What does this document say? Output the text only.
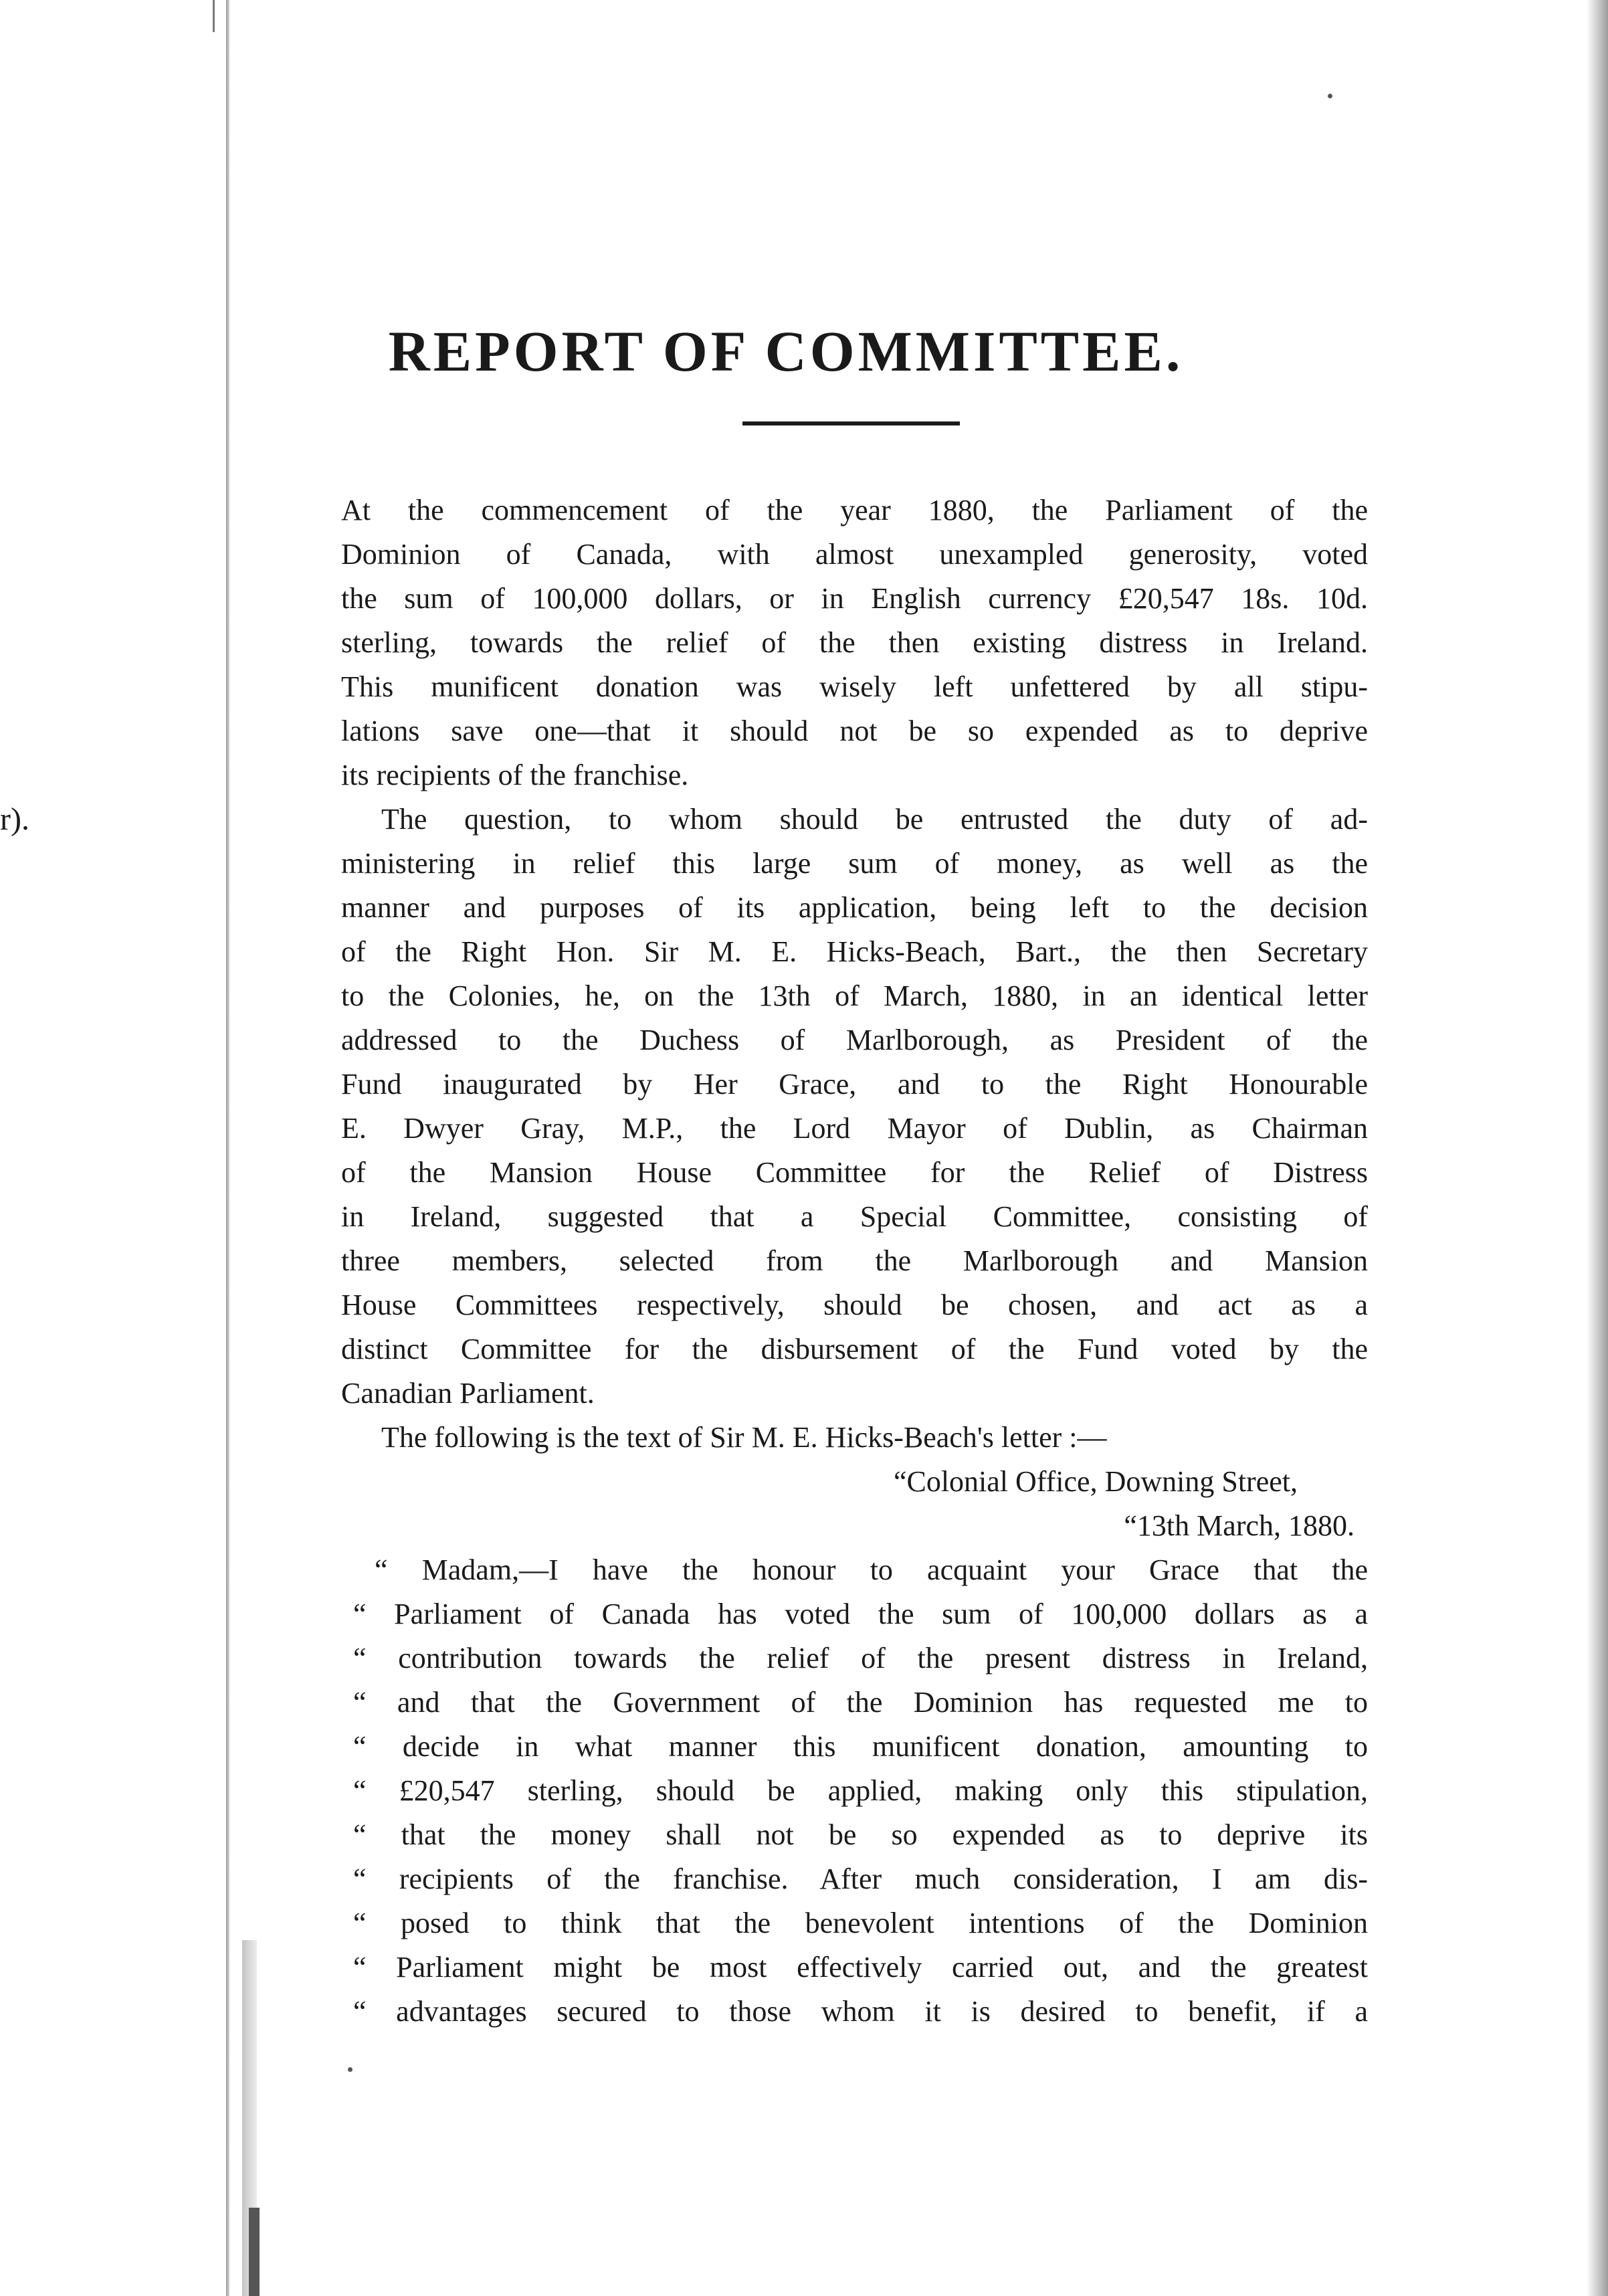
r).
REPORT OF COMMITTEE.
At the commencement of the year 1880, the Parliament of the
Dominion of Canada, with almost unexampled generosity, voted
the sum of 100,000 dollars, or in English currency £20,547 18s. 10d.
sterling, towards the relief of the then existing distress in Ireland.
This munificent donation was wisely left unfettered by all stipu-
lations save one—that it should not be so expended as to deprive
its recipients of the franchise.
The question, to whom should be entrusted the duty of ad-
ministering in relief this large sum of money, as well as the
manner and purposes of its application, being left to the decision
of the Right Hon. Sir M. E. Hicks-Beach, Bart., the then Secretary
to the Colonies, he, on the 13th of March, 1880, in an identical letter
addressed to the Duchess of Marlborough, as President of the
Fund inaugurated by Her Grace, and to the Right Honourable
E. Dwyer Gray, M.P., the Lord Mayor of Dublin, as Chairman
of the Mansion House Committee for the Relief of Distress
in Ireland, suggested that a Special Committee, consisting of
three members, selected from the Marlborough and Mansion
House Committees respectively, should be chosen, and act as a
distinct Committee for the disbursement of the Fund voted by the
Canadian Parliament.
The following is the text of Sir M. E. Hicks-Beach's letter :—
“Colonial Office, Downing Street,
“13th March, 1880.
“ Madam,—I have the honour to acquaint your Grace that the
“ Parliament of Canada has voted the sum of 100,000 dollars as a
“ contribution towards the relief of the present distress in Ireland,
“ and that the Government of the Dominion has requested me to
“ decide in what manner this munificent donation, amounting to
“ £20,547 sterling, should be applied, making only this stipulation,
“ that the money shall not be so expended as to deprive its
“ recipients of the franchise. After much consideration, I am dis-
“ posed to think that the benevolent intentions of the Dominion
“ Parliament might be most effectively carried out, and the greatest
“ advantages secured to those whom it is desired to benefit, if a
